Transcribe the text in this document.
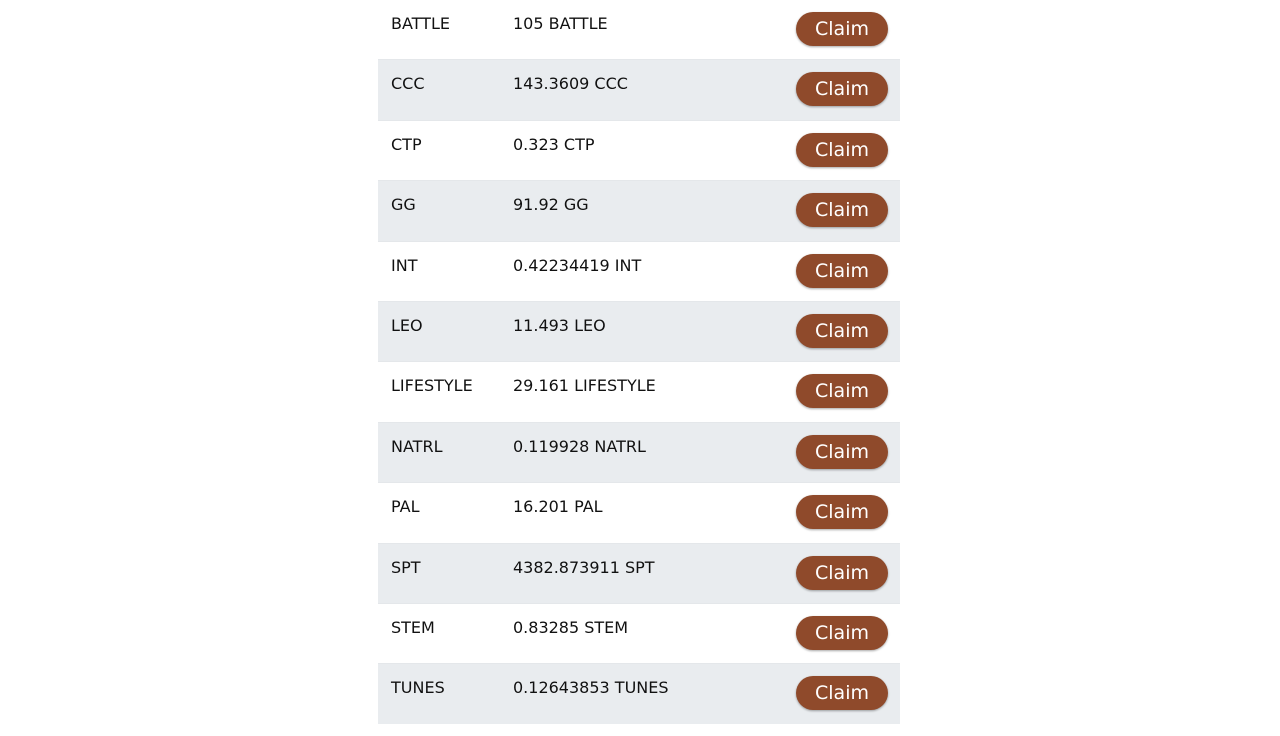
BATTLE	105 BATTLE	Claim
CCC	143.3609 CCC	Claim
CTP	0.323 CTP	Claim
GG	91.92 GG	Claim
INT	0.42234419 INT	Claim
LEO	11.493 LEO	Claim
LIFESTYLE	29.161 LIFESTYLE	Claim
NATRL	0.119928 NATRL	Claim
PAL	16.201 PAL	Claim
SPT	4382.873911 SPT	Claim
STEM	0.83285 STEM	Claim
TUNES	0.12643853 TUNES	Claim
